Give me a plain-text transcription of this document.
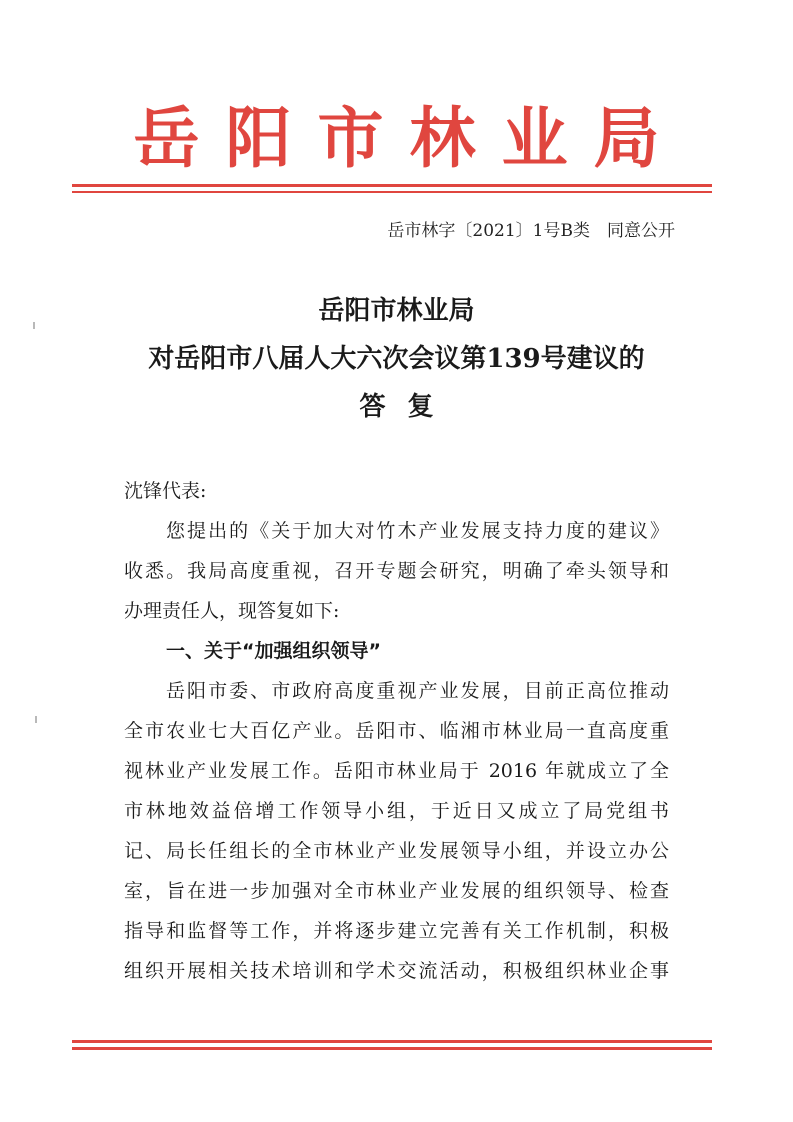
岳阳市林业局
岳市林字〔2021〕1号B类　同意公开
岳阳市林业局
对岳阳市八届人大六次会议第139号建议的
答复
沈锋代表:
您提出的《关于加大对竹木产业发展支持力度的建议》
收悉。我局高度重视，召开专题会研究，明确了牵头领导和
办理责任人，现答复如下:
一、关于“加强组织领导”
岳阳市委、市政府高度重视产业发展，目前正高位推动
全市农业七大百亿产业。岳阳市、临湘市林业局一直高度重
视林业产业发展工作。岳阳市林业局于 2016 年就成立了全
市林地效益倍增工作领导小组，于近日又成立了局党组书
记、局长任组长的全市林业产业发展领导小组，并设立办公
室，旨在进一步加强对全市林业产业发展的组织领导、检查
指导和监督等工作，并将逐步建立完善有关工作机制，积极
组织开展相关技术培训和学术交流活动，积极组织林业企事
